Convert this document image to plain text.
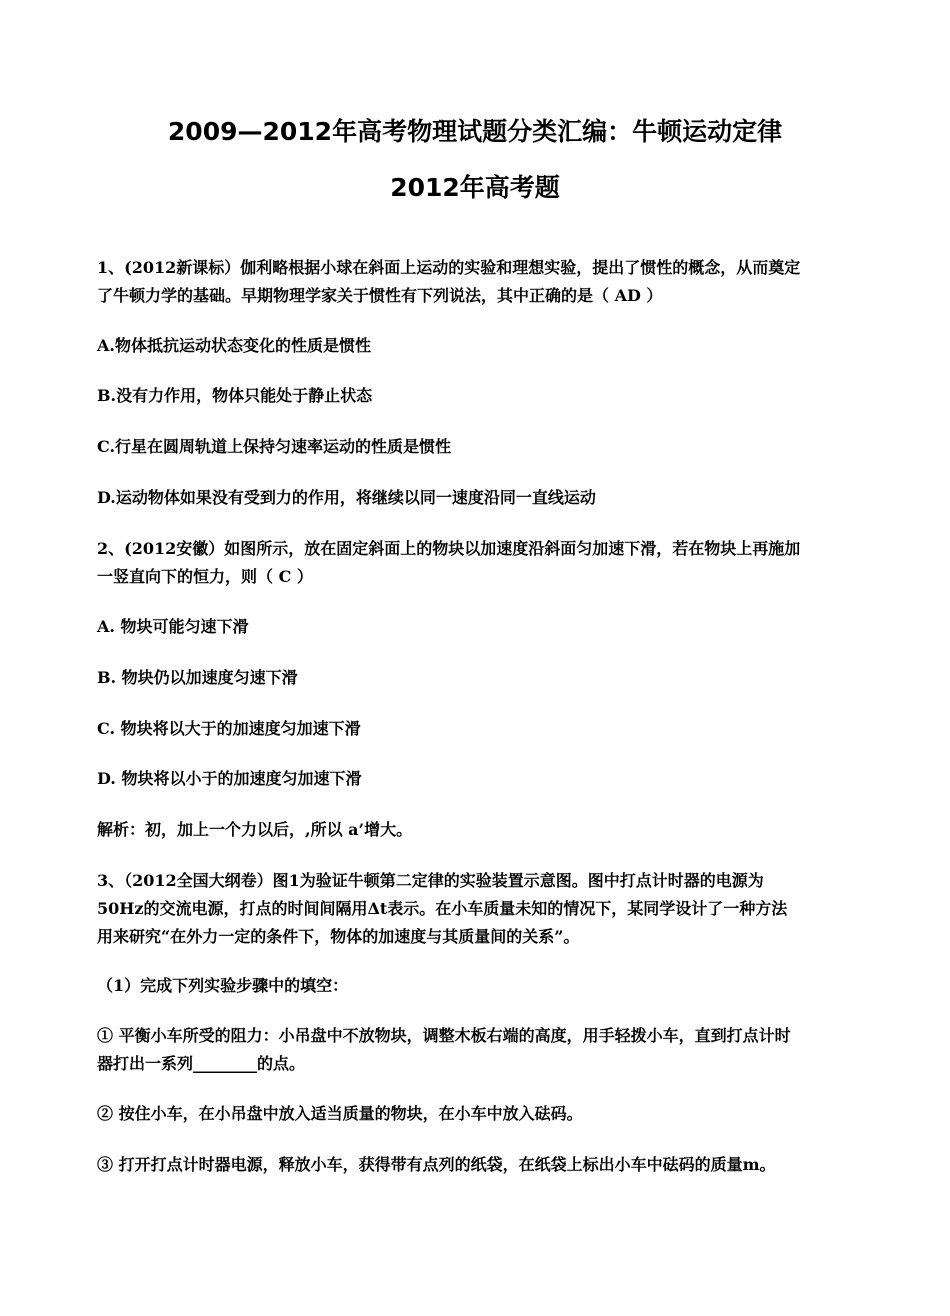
2009—2012年高考物理试题分类汇编：牛顿运动定律
2012年高考题
1、(2012新课标）伽利略根据小球在斜面上运动的实验和理想实验，提出了惯性的概念，从而奠定
了牛顿力学的基础。早期物理学家关于惯性有下列说法，其中正确的是（ AD ）
A.物体抵抗运动状态变化的性质是惯性
B.没有力作用，物体只能处于静止状态
C.行星在圆周轨道上保持匀速率运动的性质是惯性
D.运动物体如果没有受到力的作用，将继续以同一速度沿同一直线运动
2、(2012安徽）如图所示，放在固定斜面上的物块以加速度沿斜面匀加速下滑，若在物块上再施加
一竖直向下的恒力，则（ C ）
A. 物块可能匀速下滑
B. 物块仍以加速度匀速下滑
C. 物块将以大于的加速度匀加速下滑
D. 物块将以小于的加速度匀加速下滑
解析：初，加上一个力以后，,所以 a’增大。
3、（2012全国大纲卷）图1为验证牛顿第二定律的实验装置示意图。图中打点计时器的电源为
50Hz的交流电源，打点的时间间隔用Δt表示。在小车质量未知的情况下，某同学设计了一种方法
用来研究“在外力一定的条件下，物体的加速度与其质量间的关系”。
（1）完成下列实验步骤中的填空：
① 平衡小车所受的阻力：小吊盘中不放物块，调整木板右端的高度，用手轻拨小车，直到打点计时
器打出一系列________的点。
② 按住小车，在小吊盘中放入适当质量的物块，在小车中放入砝码。
③ 打开打点计时器电源，释放小车，获得带有点列的纸袋，在纸袋上标出小车中砝码的质量m。
